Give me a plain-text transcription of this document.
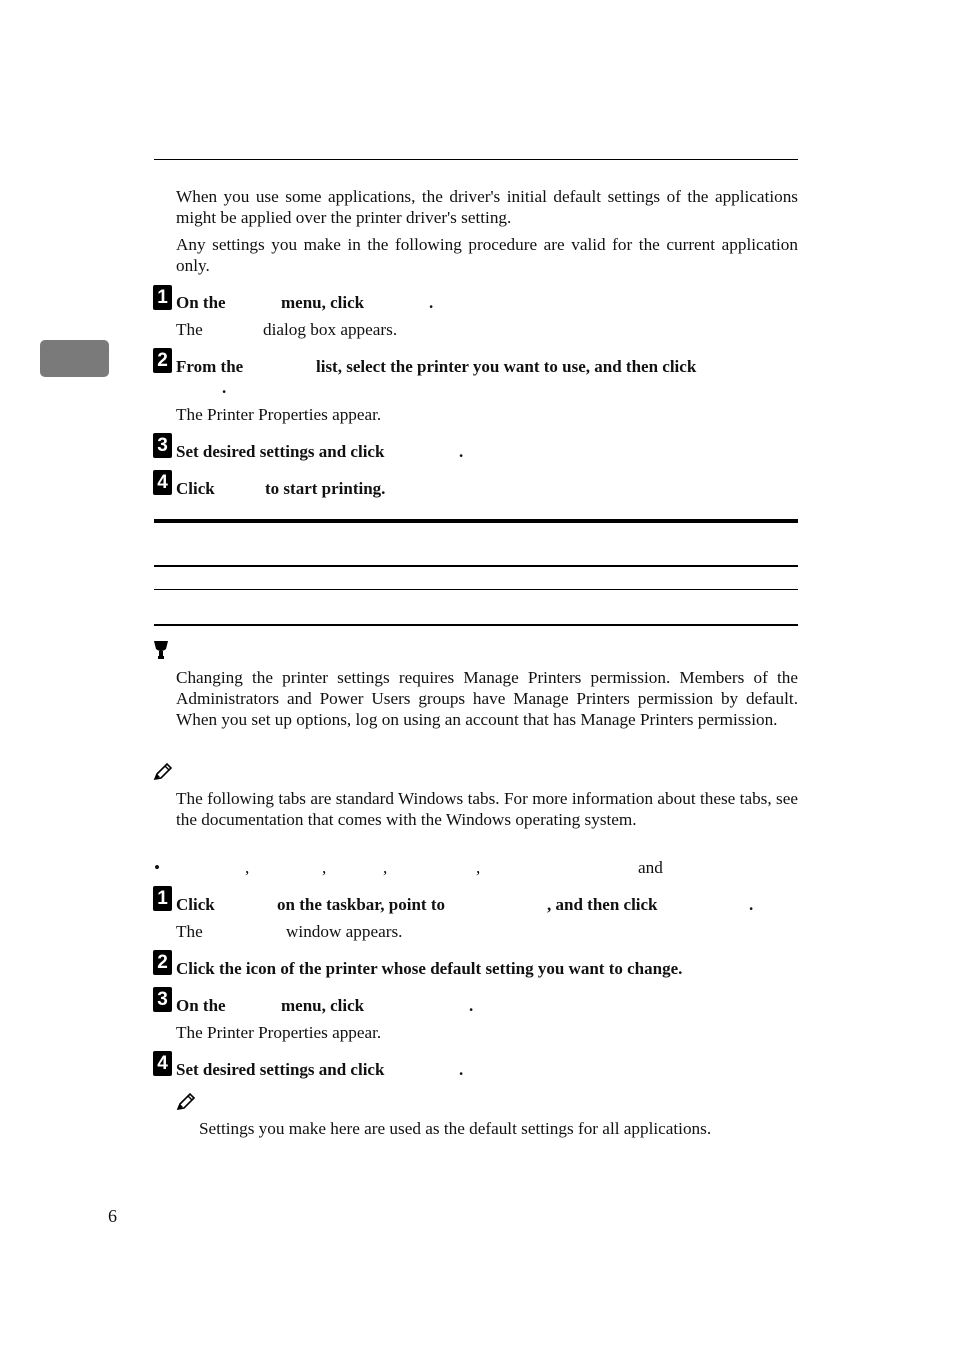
When you use some applications, the driver's initial default settings of the applications might be applied over the printer driver's setting.
Any settings you make in the following procedure are valid for the current application only.
1 On the	menu, click	.
The	dialog box appears.
2 From the	list, select the printer you want to use, and then click
.
The Printer Properties appear.
3 Set desired settings and click	.
4 Click	to start printing.
Changing the printer settings requires Manage Printers permission. Members of the Administrators and Power Users groups have Manage Printers permission by default. When you set up options, log on using an account that has Manage Printers permission.
The following tabs are standard Windows tabs. For more information about these tabs, see the documentation that comes with the Windows operating system.
•	,	,	,	,	and
1 Click	on the taskbar, point to	, and then click	.
The	window appears.
2 Click the icon of the printer whose default setting you want to change.
3 On the	menu, click	.
The Printer Properties appear.
4 Set desired settings and click	.
Settings you make here are used as the default settings for all applications.
6
